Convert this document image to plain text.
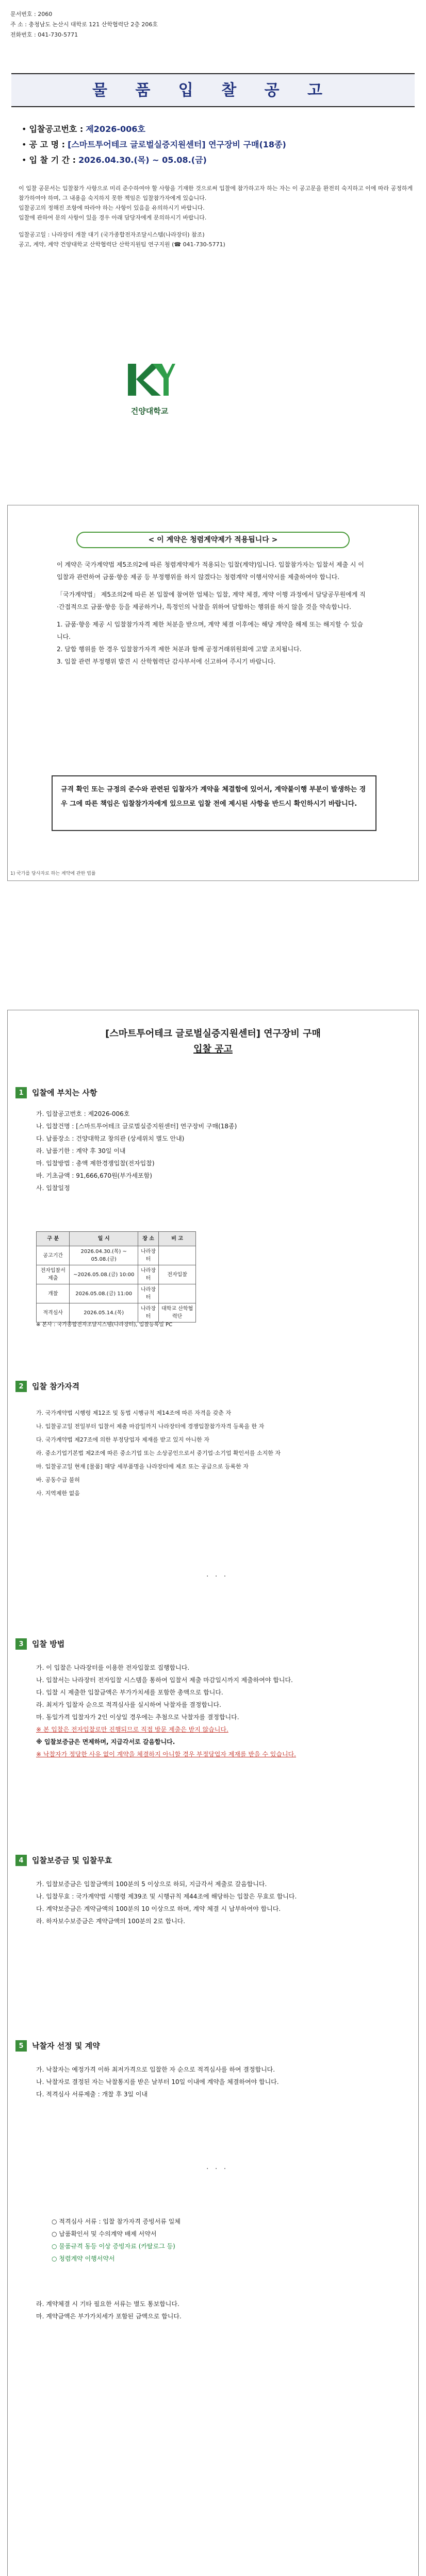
문서번호 : 2060
주 소 : 충청남도 논산시 대학로 121 산학협력단 2층 206호
전화번호 : 041-730-5771
물 품 입 찰 공 고
• 입찰공고번호 : 제2026-006호
• 공 고 명 : [스마트투어테크 글로벌실증지원센터] 연구장비 구매(18종)
• 입 찰 기 간 : 2026.04.30.(목) ~ 05.08.(금)
이 입찰 공문서는 입찰참가 사항으로 미리 준수하여야 할 사항을 기재한 것으로써 입찰에 참가하고자 하는 자는 이 공고문을 완전히 숙지하고 이에 따라 공정하게 참가하여야 하며, 그 내용을 숙지하지 못한 책임은 입찰참가자에게 있습니다.
입찰공고의 정해진 조항에 따라야 하는 사항이 있음을 유의하시기 바랍니다.
입찰에 관하여 문의 사항이 있을 경우 아래 담당자에게 문의하시기 바랍니다.
입찰공고일 : 나라장터 개찰 대기 (국가종합전자조달시스템(나라장터) 참조)
공고, 계약, 계약 건양대학교 산학협력단 산학지원팀 연구지원 (☎ 041-730-5771)
건양대학교
< 이 계약은 청렴계약제가 적용됩니다 >

이 계약은 국가계약법 제5조의2에 따른 청렴계약제가 적용되는 입찰(계약)입니다. 입찰참가자는 입찰서 제출 시 이 입찰과 관련하여 금품·향응 제공 등 부정행위를 하지 않겠다는 청렴계약 이행서약서를 제출하여야 합니다.

「국가계약법」 제5조의2에 따른 본 입찰에 참여한 업체는 입찰, 계약 체결, 계약 이행 과정에서 담당공무원에게 직·간접적으로 금품·향응 등을 제공하거나, 특정인의 낙찰을 위하여 담합하는 행위를 하지 않을 것을 약속합니다.

1. 금품·향응 제공 시 입찰참가자격 제한 처분을 받으며, 계약 체결 이후에는 해당 계약을 해제 또는 해지할 수 있습니다.
2. 담합 행위를 한 경우 입찰참가자격 제한 처분과 함께 공정거래위원회에 고발 조치됩니다.
3. 입찰 관련 부정행위 발견 시 산학협력단 감사부서에 신고하여 주시기 바랍니다.

규격 확인 또는 규정의 준수와 관련된 입찰자가 계약을 체결함에 있어서, 계약불이행 부분이 발생하는 경우 그에 따른 책임은 입찰참가자에게 있으므로 입찰 전에 제시된 사항을 반드시 확인하시기 바랍니다.
1) 국가를 당사자로 하는 계약에 관한 법률
[스마트투어테크 글로벌실증지원센터] 연구장비 구매
입찰 공고
1	입찰에 부치는 사항
가. 입찰공고번호 : 제2026-006호
나. 입찰건명 : [스마트투어테크 글로벌실증지원센터] 연구장비 구매(18종)
다. 납품장소 : 건양대학교 창의관 (상세위치 별도 안내)
라. 납품기한 : 계약 후 30일 이내
마. 입찰방법 : 총액 제한경쟁입찰(전자입찰)
바. 기초금액 : 91,666,670원(부가세포함)
사. 입찰일정
구 분	일 시	장 소	비 고
공고기간	2026.04.30.(목) ~ 05.08.(금)	나라장터	
전자입찰서 제출	~2026.05.08.(금) 10:00	나라장터	전자입찰
개찰	2026.05.08.(금) 11:00	나라장터	
적격심사	2026.05.14.(목)	나라장터	대학교 산학협력단
※ 본사 : 국가종합전자조달시스템(나라장터), 입찰등록일 PC
2	입찰 참가자격
가. 국가계약법 시행령 제12조 및 동법 시행규칙 제14조에 따른 자격을 갖춘 자
나. 입찰공고일 전일부터 입찰서 제출 마감일까지 나라장터에 경쟁입찰참가자격 등록을 한 자
다. 국가계약법 제27조에 의한 부정당업자 제재를 받고 있지 아니한 자
라. 중소기업기본법 제2조에 따른 중소기업 또는 소상공인으로서 중기업·소기업 확인서를 소지한 자
마. 입찰공고일 현재 [물품] 해당 세부품명을 나라장터에 제조 또는 공급으로 등록한 자
바. 공동수급 불허
사. 지역제한 없음
· · ·
3	입찰 방법
가. 이 입찰은 나라장터를 이용한 전자입찰로 집행합니다.
나. 입찰서는 나라장터 전자입찰 시스템을 통하여 입찰서 제출 마감일시까지 제출하여야 합니다.
다. 입찰 시 제출한 입찰금액은 부가가치세를 포함한 총액으로 합니다.
라. 최저가 입찰자 순으로 적격심사를 실시하여 낙찰자를 결정합니다.
마. 동일가격 입찰자가 2인 이상일 경우에는 추첨으로 낙찰자를 결정합니다.
※ 본 입찰은 전자입찰로만 진행되므로 직접 방문 제출은 받지 않습니다.
※ 입찰보증금은 면제하며, 지급각서로 갈음합니다.
※ 낙찰자가 정당한 사유 없이 계약을 체결하지 아니할 경우 부정당업자 제재를 받을 수 있습니다.
4	입찰보증금 및 입찰무효
가. 입찰보증금은 입찰금액의 100분의 5 이상으로 하되, 지급각서 제출로 갈음합니다.
나. 입찰무효 : 국가계약법 시행령 제39조 및 시행규칙 제44조에 해당하는 입찰은 무효로 합니다.
다. 계약보증금은 계약금액의 100분의 10 이상으로 하며, 계약 체결 시 납부하여야 합니다.
라. 하자보수보증금은 계약금액의 100분의 2로 합니다.
5	낙찰자 선정 및 계약
가. 낙찰자는 예정가격 이하 최저가격으로 입찰한 자 순으로 적격심사를 하여 결정합니다.
나. 낙찰자로 결정된 자는 낙찰통지를 받은 날부터 10일 이내에 계약을 체결하여야 합니다.
다. 적격심사 서류제출 : 개찰 후 3일 이내
· · ·
○ 적격심사 서류 : 입찰 참가자격 증빙서류 일체
○ 납품확인서 및 수의계약 배제 서약서
○ 물품규격 동등 이상 증빙자료 (카탈로그 등)
○ 청렴계약 이행서약서
라. 계약체결 시 기타 필요한 서류는 별도 통보합니다.
마. 계약금액은 부가가치세가 포함된 금액으로 합니다.
